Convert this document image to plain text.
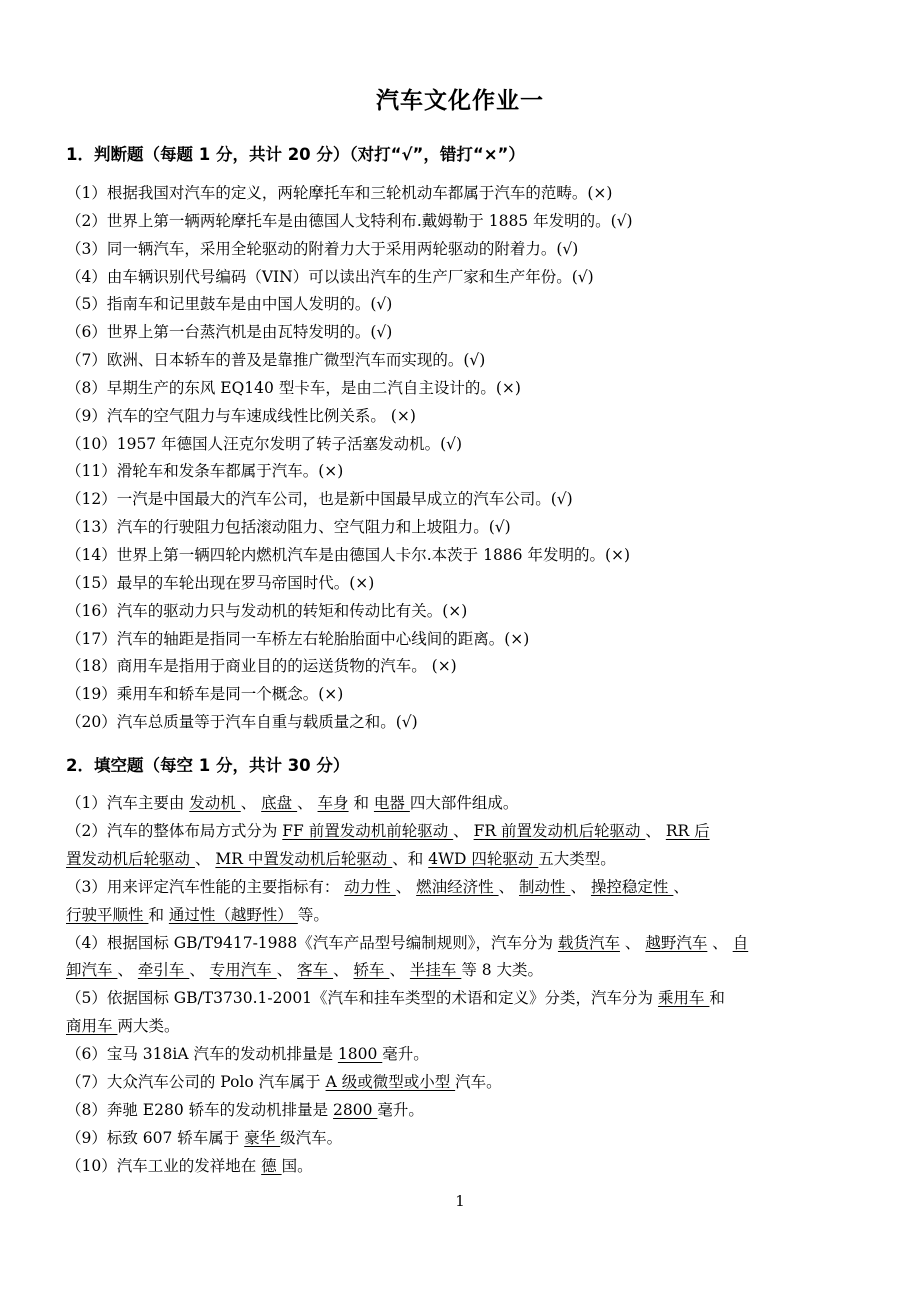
汽车文化作业一
1．判断题（每题 1 分，共计 20 分）（对打“√”，错打“×”）
（1）根据我国对汽车的定义，两轮摩托车和三轮机动车都属于汽车的范畴。(×)
（2）世界上第一辆两轮摩托车是由德国人戈特利布.戴姆勒于 1885 年发明的。(√)
（3）同一辆汽车，采用全轮驱动的附着力大于采用两轮驱动的附着力。(√)
（4）由车辆识别代号编码（VIN）可以读出汽车的生产厂家和生产年份。(√)
（5）指南车和记里鼓车是由中国人发明的。(√)
（6）世界上第一台蒸汽机是由瓦特发明的。(√)
（7）欧洲、日本轿车的普及是靠推广微型汽车而实现的。(√)
（8）早期生产的东风 EQ140 型卡车，是由二汽自主设计的。(×)
（9）汽车的空气阻力与车速成线性比例关系。 (×)
（10）1957 年德国人汪克尔发明了转子活塞发动机。(√)
（11）滑轮车和发条车都属于汽车。(×)
（12）一汽是中国最大的汽车公司，也是新中国最早成立的汽车公司。(√)
（13）汽车的行驶阻力包括滚动阻力、空气阻力和上坡阻力。(√)
（14）世界上第一辆四轮内燃机汽车是由德国人卡尔.本茨于 1886 年发明的。(×)
（15）最早的车轮出现在罗马帝国时代。(×)
（16）汽车的驱动力只与发动机的转矩和传动比有关。(×)
（17）汽车的轴距是指同一车桥左右轮胎胎面中心线间的距离。(×)
（18）商用车是指用于商业目的的运送货物的汽车。 (×)
（19）乘用车和轿车是同一个概念。(×)
（20）汽车总质量等于汽车自重与载质量之和。(√)
2．填空题（每空 1 分，共计 30 分）
（1）汽车主要由 发动机 、 底盘 、 车身 和 电器 四大部件组成。
（2）汽车的整体布局方式分为 FF 前置发动机前轮驱动 、 FR 前置发动机后轮驱动 、 RR 后
置发动机后轮驱动 、 MR 中置发动机后轮驱动 、和 4WD 四轮驱动 五大类型。
（3）用来评定汽车性能的主要指标有： 动力性 、 燃油经济性 、 制动性 、 操控稳定性 、
行驶平顺性 和 通过性（越野性） 等。
（4）根据国标 GB/T9417-1988《汽车产品型号编制规则》，汽车分为 载货汽车 、 越野汽车 、 自
卸汽车 、 牵引车 、 专用汽车 、 客车 、 轿车 、 半挂车 等 8 大类。
（5）依据国标 GB/T3730.1-2001《汽车和挂车类型的术语和定义》分类，汽车分为 乘用车 和
商用车 两大类。
（6）宝马 318iA 汽车的发动机排量是 1800 毫升。
（7）大众汽车公司的 Polo 汽车属于 A 级或微型或小型 汽车。
（8）奔驰 E280 轿车的发动机排量是 2800 毫升。
（9）标致 607 轿车属于 豪华 级汽车。
（10）汽车工业的发祥地在 德 国。
1
